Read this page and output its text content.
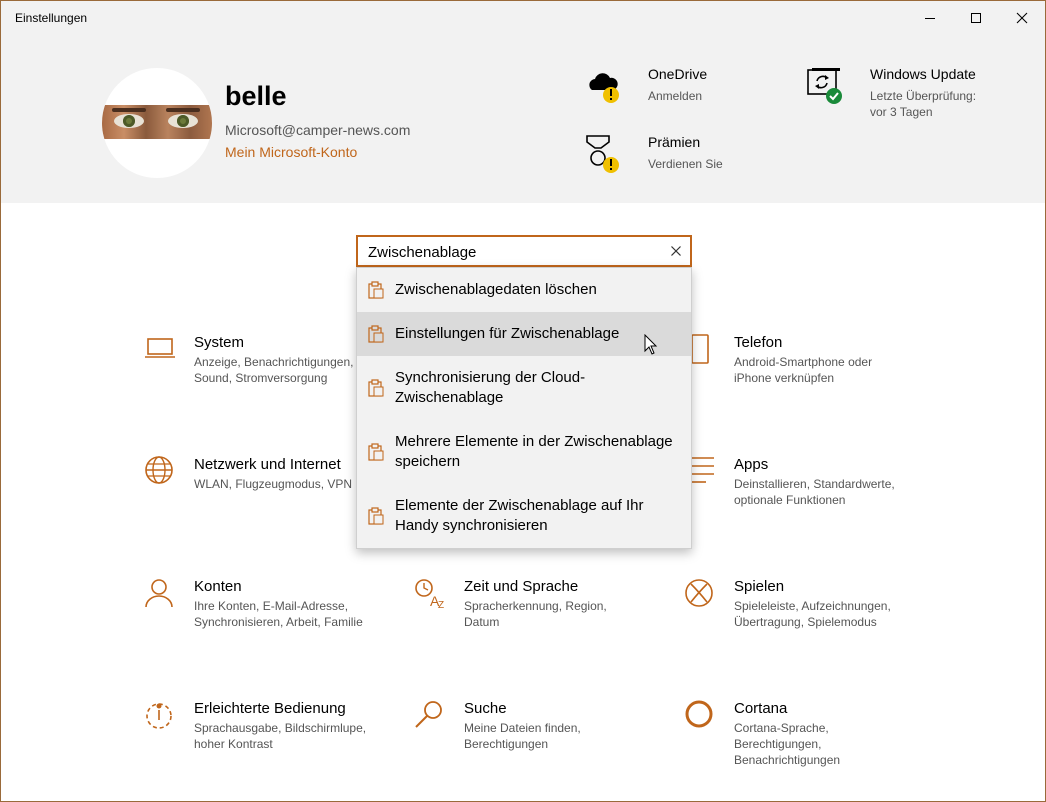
Einstellungen
belle
Microsoft@camper-news.com
Mein Microsoft-Konto
OneDrive
Anmelden
Windows Update
Letzte Überprüfung:
vor 3 Tagen
Prämien
Verdienen Sie
System
Anzeige, Benachrichtigungen,
Sound, Stromversorgung
Telefon
Android-Smartphone oder
iPhone verknüpfen
Netzwerk und Internet
WLAN, Flugzeugmodus, VPN
Apps
Deinstallieren, Standardwerte,
optionale Funktionen
Konten
Ihre Konten, E-Mail-Adresse,
Synchronisieren, Arbeit, Familie
A
Z
Zeit und Sprache
Spracherkennung, Region,
Datum
Spielen
Spieleleiste, Aufzeichnungen,
Übertragung, Spielemodus
Erleichterte Bedienung
Sprachausgabe, Bildschirmlupe,
hoher Kontrast
Suche
Meine Dateien finden,
Berechtigungen
Cortana
Cortana-Sprache,
Berechtigungen,
Benachrichtigungen
Zwischenablage
Zwischenablagedaten löschen
Einstellungen für Zwischenablage
Synchronisierung der Cloud-
Zwischenablage
Mehrere Elemente in der Zwischenablage
speichern
Elemente der Zwischenablage auf Ihr
Handy synchronisieren
